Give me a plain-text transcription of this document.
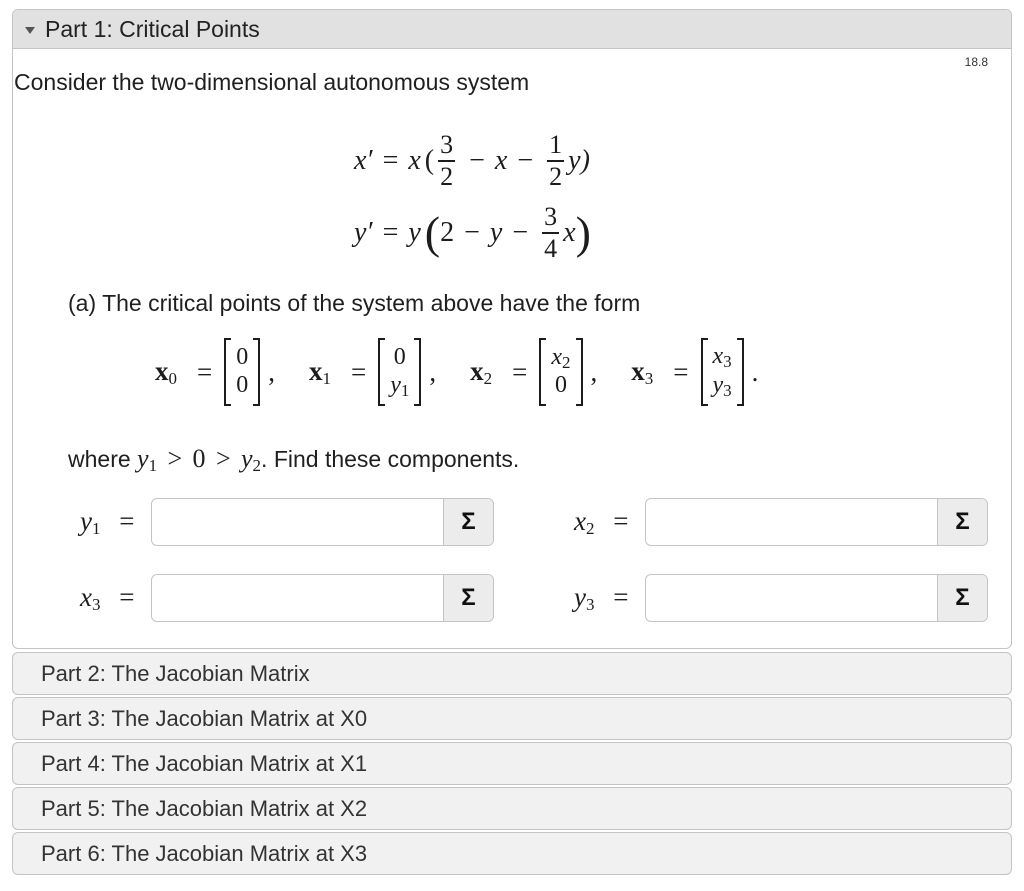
Part 1: Critical Points
18.8
Consider the two-dimensional autonomous system
x′ = x ( $\frac{3}{2} - x - \frac{1}{2} y$)
y′ = y ( $2 - y - \frac{3}{4}$ x )
(a) The critical points of the system above have the form
$x_0 = 0$
0 , $x_1 = 0$
$y_1$
, $x_2 = x_2$
0 , $x_3$ =
$x_3$
$y_3$
.
where $y_1 > 0 > y_2$. Find these components.
$y_1$ =	Σ	$x_2$ =	Σ
$x_3$ =	Σ	$y_3$ =	Σ
Part 2: The Jacobian Matrix
Part 3: The Jacobian Matrix at X0
Part 4: The Jacobian Matrix at X1
Part 5: The Jacobian Matrix at X2
Part 6: The Jacobian Matrix at X3
